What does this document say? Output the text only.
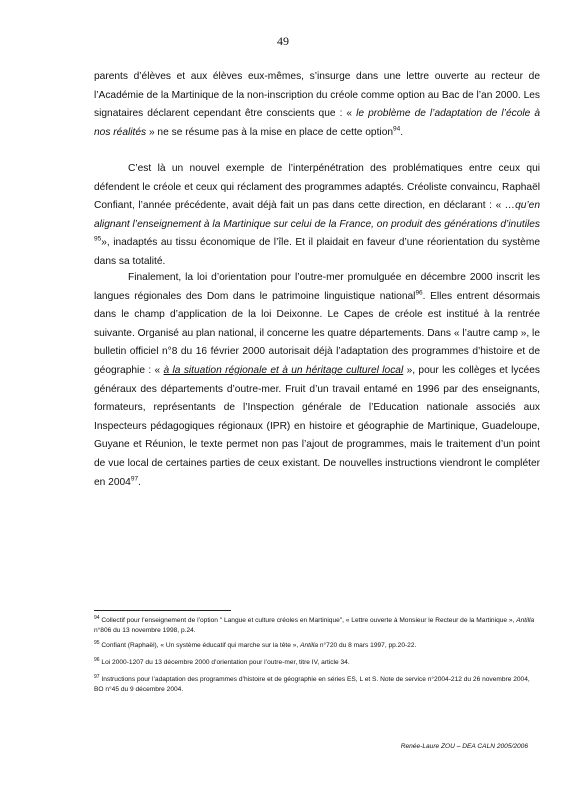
49

parents d’élèves et aux élèves eux-mêmes, s’insurge dans une lettre ouverte au recteur de l’Académie de la Martinique de la non-inscription du créole comme option au Bac de l’an 2000. Les signataires déclarent cependant être conscients que : « le problème de l’adaptation de l’école à nos réalités » ne se résume pas à la mise en place de cette option$^{94}$.

C’est là un nouvel exemple de l’interpénétration des problématiques entre ceux qui défendent le créole et ceux qui réclament des programmes adaptés. Créoliste convaincu, Raphaël Confiant, l’année précédente, avait déjà fait un pas dans cette direction, en déclarant : « …qu’en alignant l’enseignement à la Martinique sur celui de la France, on produit des générations d’inutiles $^{95}$», inadaptés au tissu économique de l’île. Et il plaidait en faveur d’une réorientation du système dans sa totalité.

Finalement, la loi d’orientation pour l’outre-mer promulguée en décembre 2000 inscrit les langues régionales des Dom dans le patrimoine linguistique national$^{96}$. Elles entrent désormais dans le champ d’application de la loi Deixonne. Le Capes de créole est institué à la rentrée suivante. Organisé au plan national, il concerne les quatre départements. Dans « l’autre camp », le bulletin officiel n°8 du 16 février 2000 autorisait déjà l’adaptation des programmes d’histoire et de géographie : « à la situation régionale et à un héritage culturel local », pour les collèges et lycées généraux des départements d’outre-mer. Fruit d’un travail entamé en 1996 par des enseignants, formateurs, représentants de l’Inspection générale de l’Education nationale associés aux Inspecteurs pédagogiques régionaux (IPR) en histoire et géographie de Martinique, Guadeloupe, Guyane et Réunion, le texte permet non pas l’ajout de programmes, mais le traitement d’un point de vue local de certaines parties de ceux existant. De nouvelles instructions viendront le compléter en 2004$^{97}$.

$^{94}$ Collectif pour l’enseignement de l’option " Langue et culture créoles en Martinique", « Lettre ouverte à Monsieur le Recteur de la Martinique », Antilla n°806 du 13 novembre 1998, p.24.

$^{95}$ Confiant (Raphaël), « Un système éducatif qui marche sur la tête », Antilla n°720 du 8 mars 1997, pp.20-22.

$^{96}$ Loi 2000-1207 du 13 décembre 2000 d’orientation pour l’outre-mer, titre IV, article 34.

$^{97}$ Instructions pour l’adaptation des programmes d’histoire et de géographie en séries ES, L et S. Note de service n°2004-212 du 26 novembre 2004, BO n°45 du 9 décembre 2004.

Renée-Laure ZOU – DEA CALN 2005/2006
